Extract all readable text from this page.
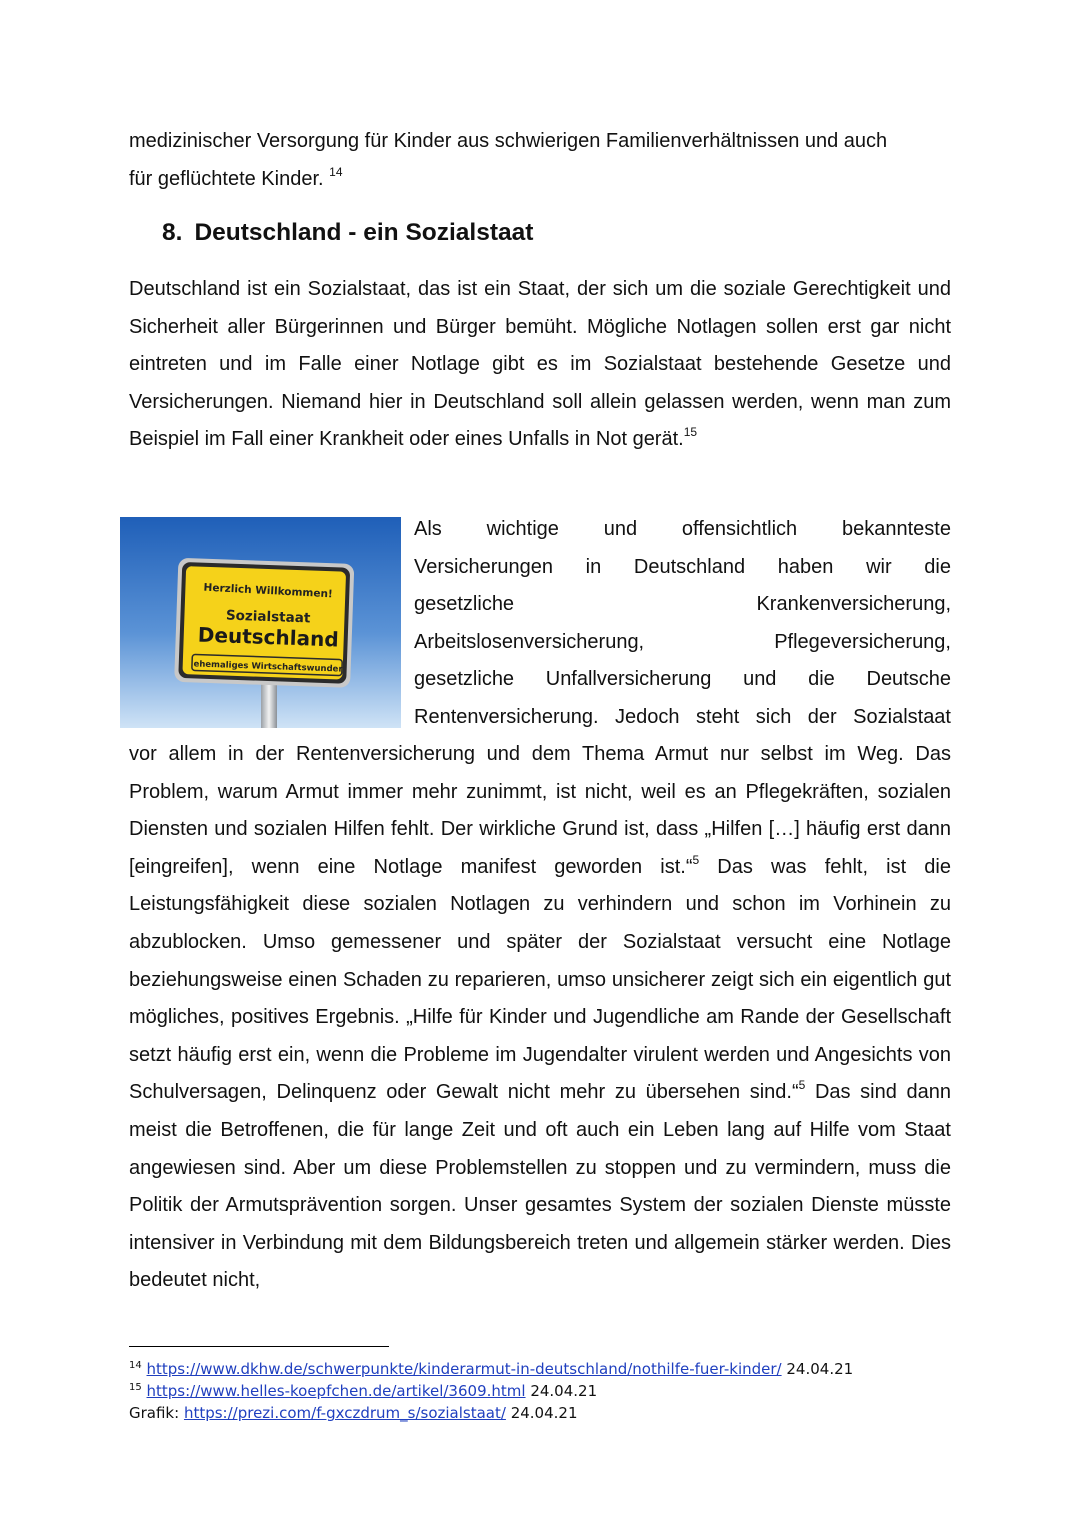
medizinischer Versorgung für Kinder aus schwierigen Familienverhältnissen und auch
für geflüchtete Kinder. $^{14}$

8. Deutschland - ein Sozialstaat

Deutschland ist ein Sozialstaat, das ist ein Staat, der sich um die soziale Gerechtigkeit und Sicherheit aller Bürgerinnen und Bürger bemüht. Mögliche Notlagen sollen erst gar nicht eintreten und im Falle einer Notlage gibt es im Sozialstaat bestehende Gesetze und Versicherungen. Niemand hier in Deutschland soll allein gelassen werden, wenn man zum Beispiel im Fall einer Krankheit oder eines Unfalls in Not gerät.$^{15}$

Herzlich Willkommen!
Sozialstaat
Deutschland
ehemaliges Wirtschaftswunder

Als wichtige und offensichtlich bekannteste
Versicherungen in Deutschland haben wir die
gesetzliche Krankenversicherung,
Arbeitslosenversicherung, Pflegeversicherung,
gesetzliche Unfallversicherung und die Deutsche
Rentenversicherung. Jedoch steht sich der Sozialstaat

vor allem in der Rentenversicherung und dem Thema Armut nur selbst im Weg. Das Problem, warum Armut immer mehr zunimmt, ist nicht, weil es an Pflegekräften, sozialen Diensten und sozialen Hilfen fehlt. Der wirkliche Grund ist, dass „Hilfen […] häufig erst dann [eingreifen], wenn eine Notlage manifest geworden ist.“$^5$ Das was fehlt, ist die Leistungsfähigkeit diese sozialen Notlagen zu verhindern und schon im Vorhinein zu abzublocken. Umso gemessener und später der Sozialstaat versucht eine Notlage beziehungsweise einen Schaden zu reparieren, umso unsicherer zeigt sich ein eigentlich gut mögliches, positives Ergebnis. „Hilfe für Kinder und Jugendliche am Rande der Gesellschaft setzt häufig erst ein, wenn die Probleme im Jugendalter virulent werden und Angesichts von Schulversagen, Delinquenz oder Gewalt nicht mehr zu übersehen sind.“$^5$ Das sind dann meist die Betroffenen, die für lange Zeit und oft auch ein Leben lang auf Hilfe vom Staat angewiesen sind. Aber um diese Problemstellen zu stoppen und zu vermindern, muss die Politik der Armutsprävention sorgen. Unser gesamtes System der sozialen Dienste müsste intensiver in Verbindung mit dem Bildungsbereich treten und allgemein stärker werden. Dies bedeutet nicht,

$^{14}$ https://www.dkhw.de/schwerpunkte/kinderarmut-in-deutschland/nothilfe-fuer-kinder/ 24.04.21

$^{15}$ https://www.helles-koepfchen.de/artikel/3609.html 24.04.21

Grafik: https://prezi.com/f-gxczdrum_s/sozialstaat/ 24.04.21
